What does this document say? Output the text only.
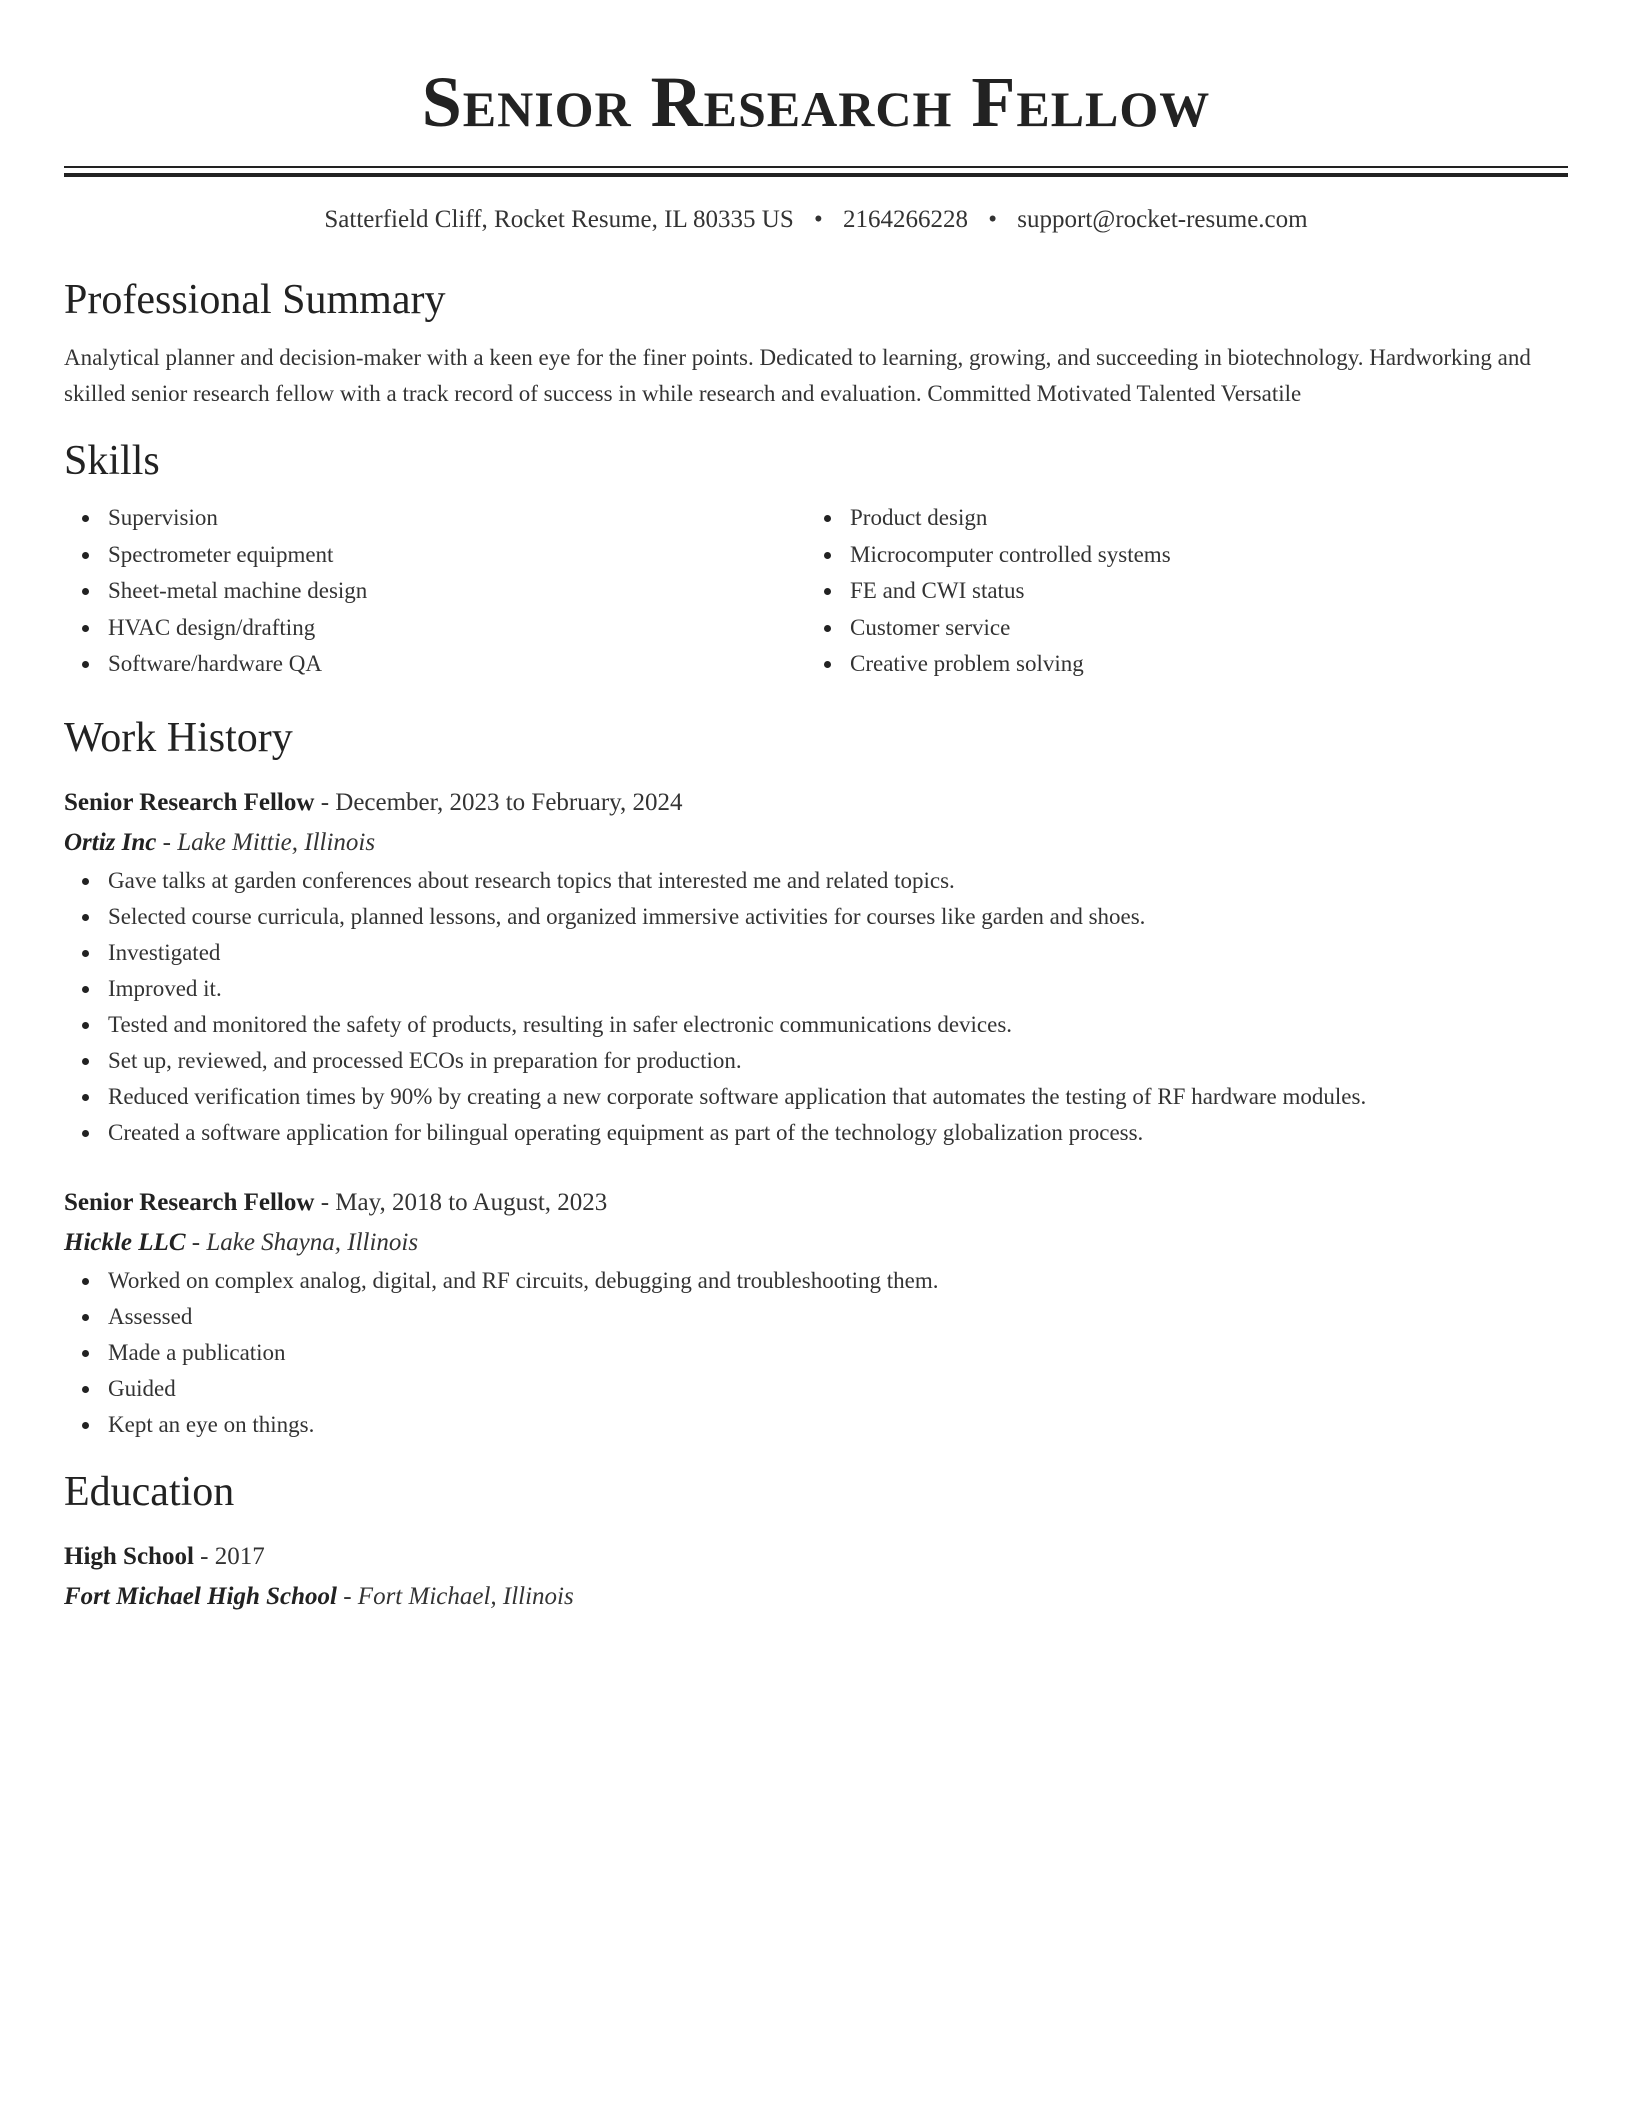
Senior Research Fellow
Satterfield Cliff, Rocket Resume, IL 80335 US • 2164266228 • support@rocket-resume.com
Professional Summary
Analytical planner and decision-maker with a keen eye for the finer points. Dedicated to learning, growing, and succeeding in biotechnology. Hardworking and skilled senior research fellow with a track record of success in while research and evaluation. Committed Motivated Talented Versatile
Skills
Supervision
Spectrometer equipment
Sheet-metal machine design
HVAC design/drafting
Software/hardware QA
Product design
Microcomputer controlled systems
FE and CWI status
Customer service
Creative problem solving
Work History
Senior Research Fellow - December, 2023 to February, 2024
Ortiz Inc - Lake Mittie, Illinois
Gave talks at garden conferences about research topics that interested me and related topics.
Selected course curricula, planned lessons, and organized immersive activities for courses like garden and shoes.
Investigated
Improved it.
Tested and monitored the safety of products, resulting in safer electronic communications devices.
Set up, reviewed, and processed ECOs in preparation for production.
Reduced verification times by 90% by creating a new corporate software application that automates the testing of RF hardware modules.
Created a software application for bilingual operating equipment as part of the technology globalization process.
Senior Research Fellow - May, 2018 to August, 2023
Hickle LLC - Lake Shayna, Illinois
Worked on complex analog, digital, and RF circuits, debugging and troubleshooting them.
Assessed
Made a publication
Guided
Kept an eye on things.
Education
High School - 2017
Fort Michael High School - Fort Michael, Illinois
